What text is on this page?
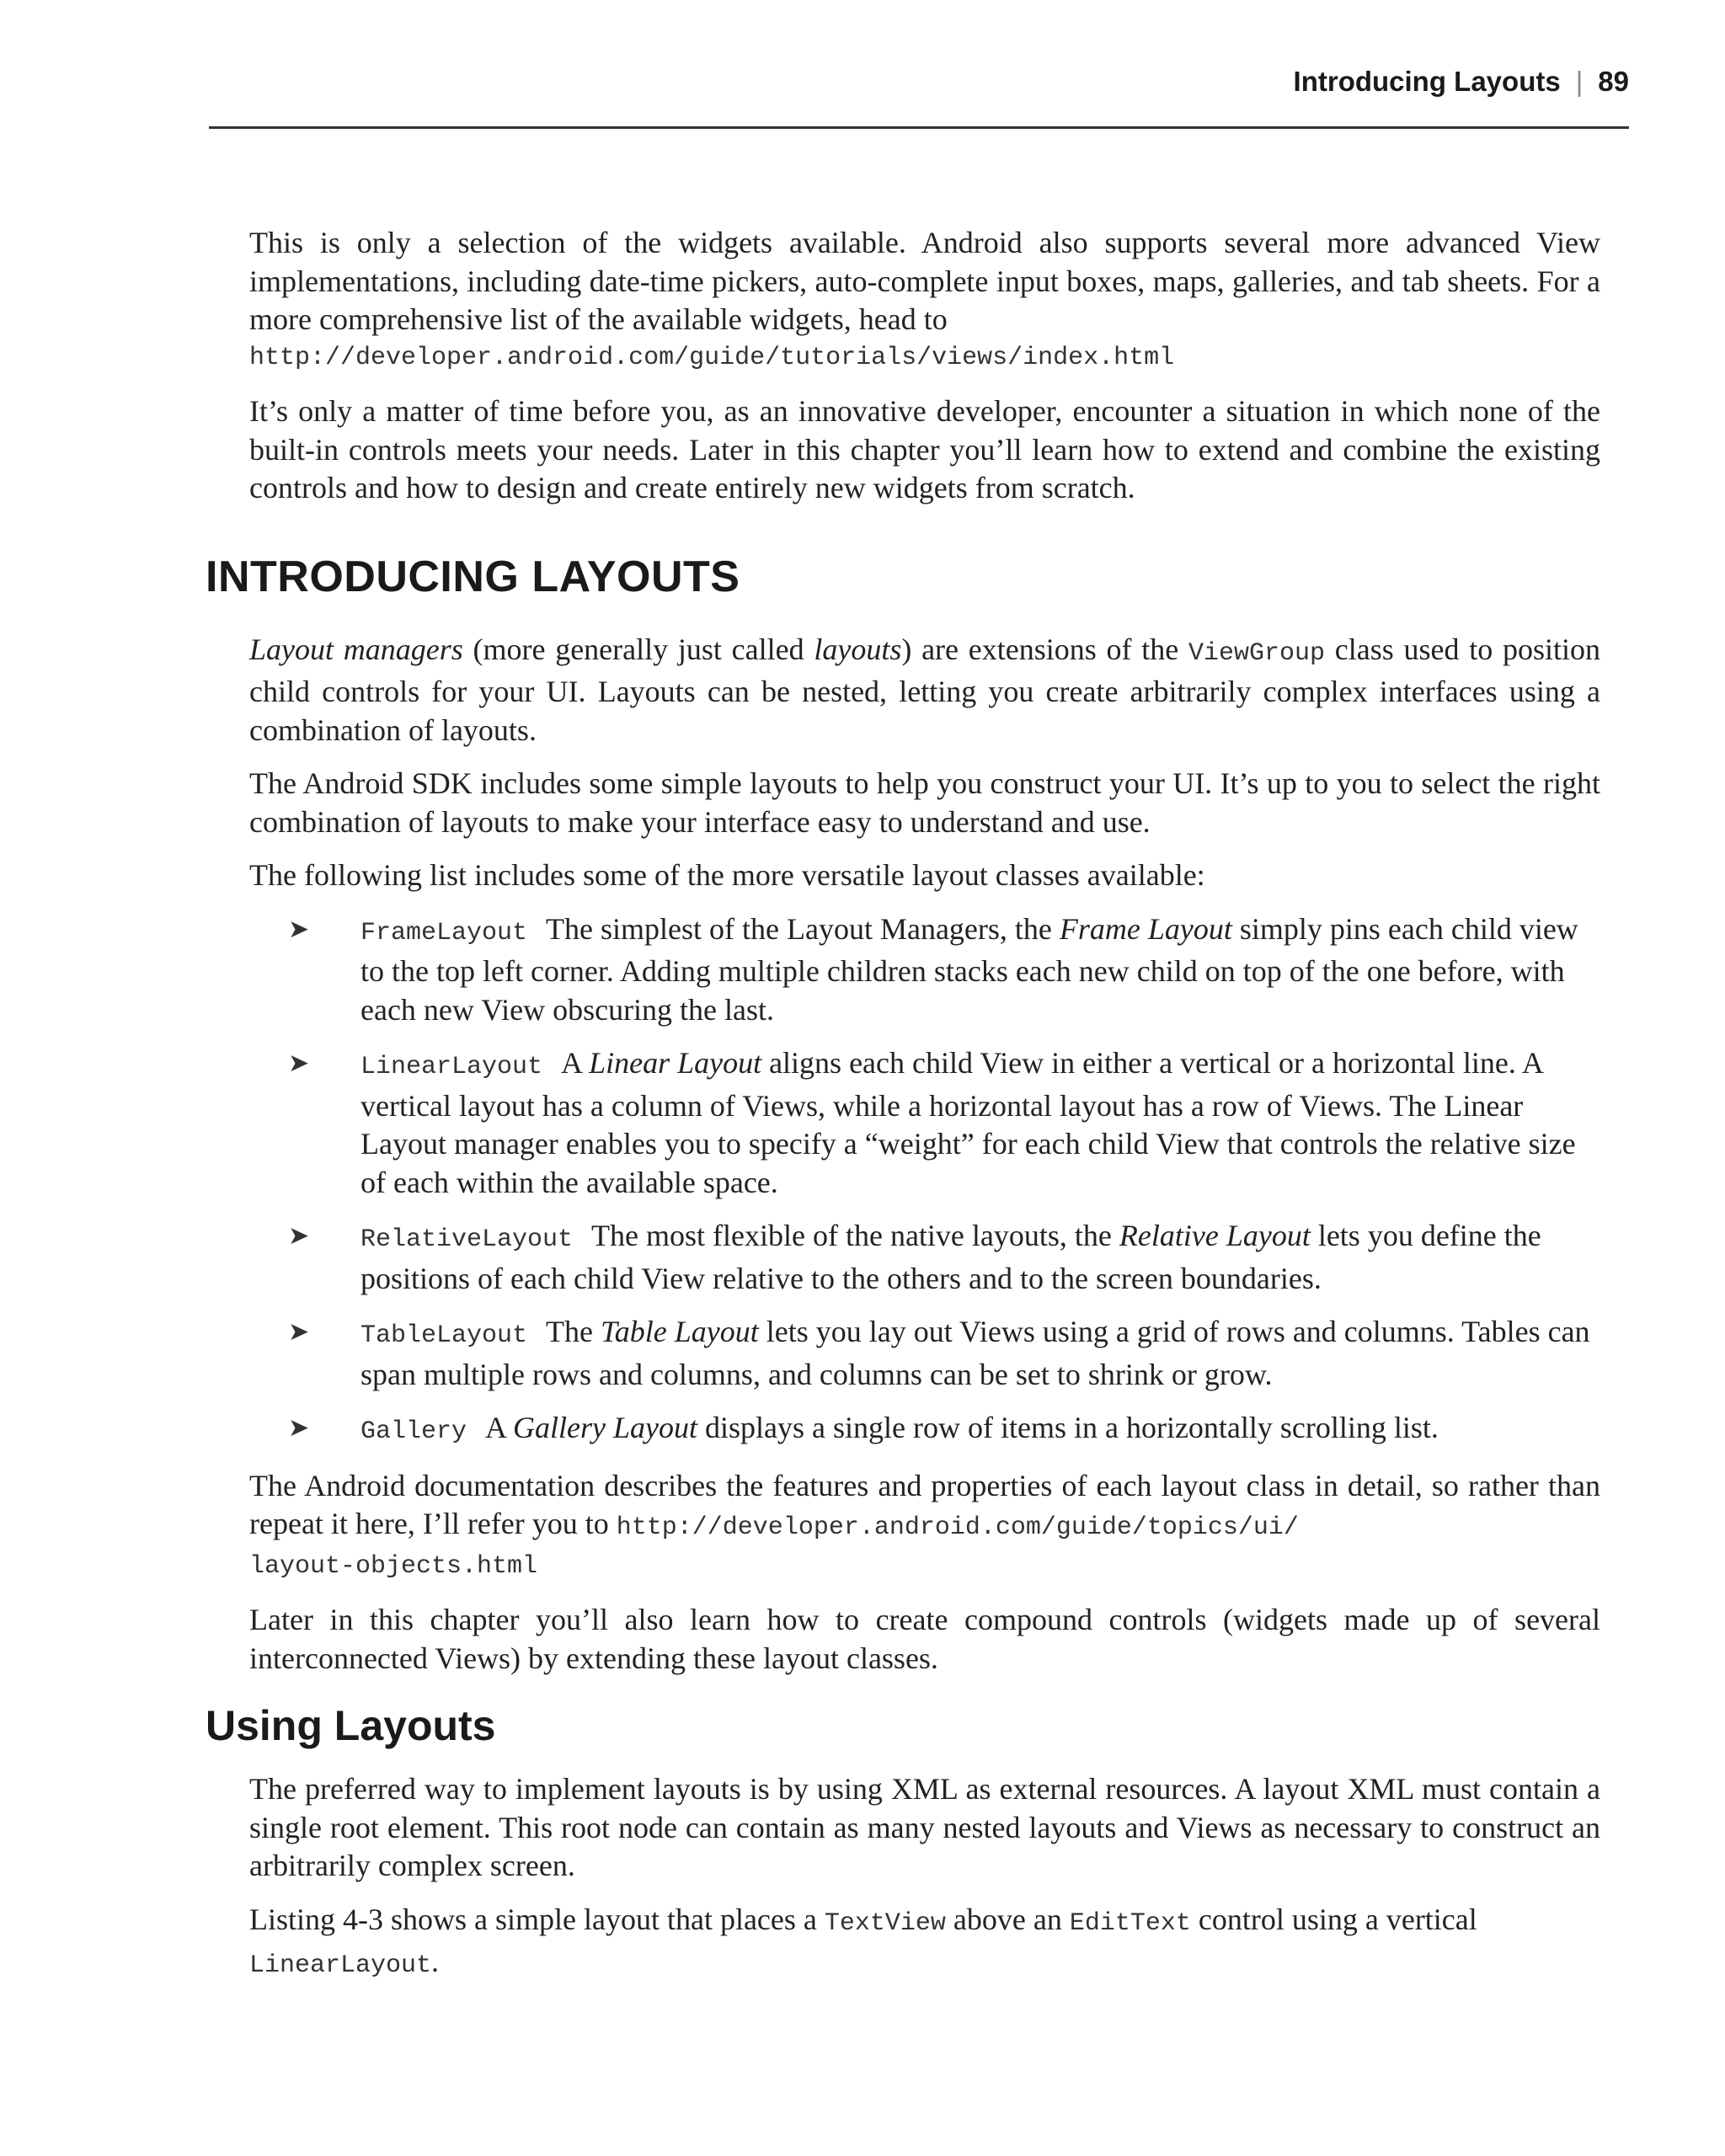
Introducing Layouts | 89

This is only a selection of the widgets available. Android also supports several more advanced View implementations, including date-time pickers, auto-complete input boxes, maps, galleries, and tab sheets. For a more comprehensive list of the available widgets, head to
http://developer.android.com/guide/tutorials/views/index.html

It’s only a matter of time before you, as an innovative developer, encounter a situation in which none of the built-in controls meets your needs. Later in this chapter you’ll learn how to extend and combine the existing controls and how to design and create entirely new widgets from scratch.

INTRODUCING LAYOUTS

Layout managers (more generally just called layouts) are extensions of the ViewGroup class used to position child controls for your UI. Layouts can be nested, letting you create arbitrarily complex interfaces using a combination of layouts.

The Android SDK includes some simple layouts to help you construct your UI. It’s up to you to select the right combination of layouts to make your interface easy to understand and use.

The following list includes some of the more versatile layout classes available:

➤ FrameLayout The simplest of the Layout Managers, the Frame Layout simply pins each child view to the top left corner. Adding multiple children stacks each new child on top of the one before, with each new View obscuring the last.
➤ LinearLayout A Linear Layout aligns each child View in either a vertical or a horizontal line. A vertical layout has a column of Views, while a horizontal layout has a row of Views. The Linear Layout manager enables you to specify a “weight” for each child View that controls the relative size of each within the available space.
➤ RelativeLayout The most flexible of the native layouts, the Relative Layout lets you define the positions of each child View relative to the others and to the screen boundaries.
➤ TableLayout The Table Layout lets you lay out Views using a grid of rows and columns. Tables can span multiple rows and columns, and columns can be set to shrink or grow.
➤ Gallery A Gallery Layout displays a single row of items in a horizontally scrolling list.

The Android documentation describes the features and properties of each layout class in detail, so rather than repeat it here, I’ll refer you to http://developer.android.com/guide/topics/ui/
layout-objects.html

Later in this chapter you’ll also learn how to create compound controls (widgets made up of several interconnected Views) by extending these layout classes.

Using Layouts

The preferred way to implement layouts is by using XML as external resources. A layout XML must contain a single root element. This root node can contain as many nested layouts and Views as necessary to construct an arbitrarily complex screen.

Listing 4-3 shows a simple layout that places a TextView above an EditText control using a vertical LinearLayout.
